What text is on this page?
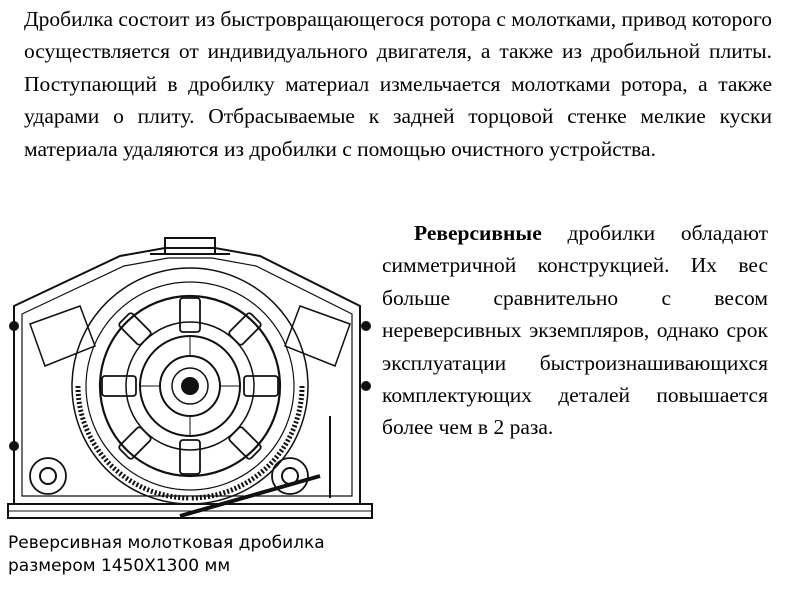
Дробилка состоит из быстровращающегося ротора с молотками, привод которого осуществляется от индивидуального двигателя, а также из дробильной плиты. Поступающий в дробилку материал измельчается молотками ротора, а также ударами о плиту. Отбрасываемые к задней торцовой стенке мелкие куски материала удаляются из дробилки с помощью очистного устройства.
Реверсивные дробилки обладают симметричной конструкцией. Их вес больше сравнительно с весом нереверсивных экземпляров, однако срок эксплуатации быстроизнашивающихся комплектующих деталей повышается более чем в 2 раза.
Реверсивная молотковая дробилка
размером 1450Х1300 мм
